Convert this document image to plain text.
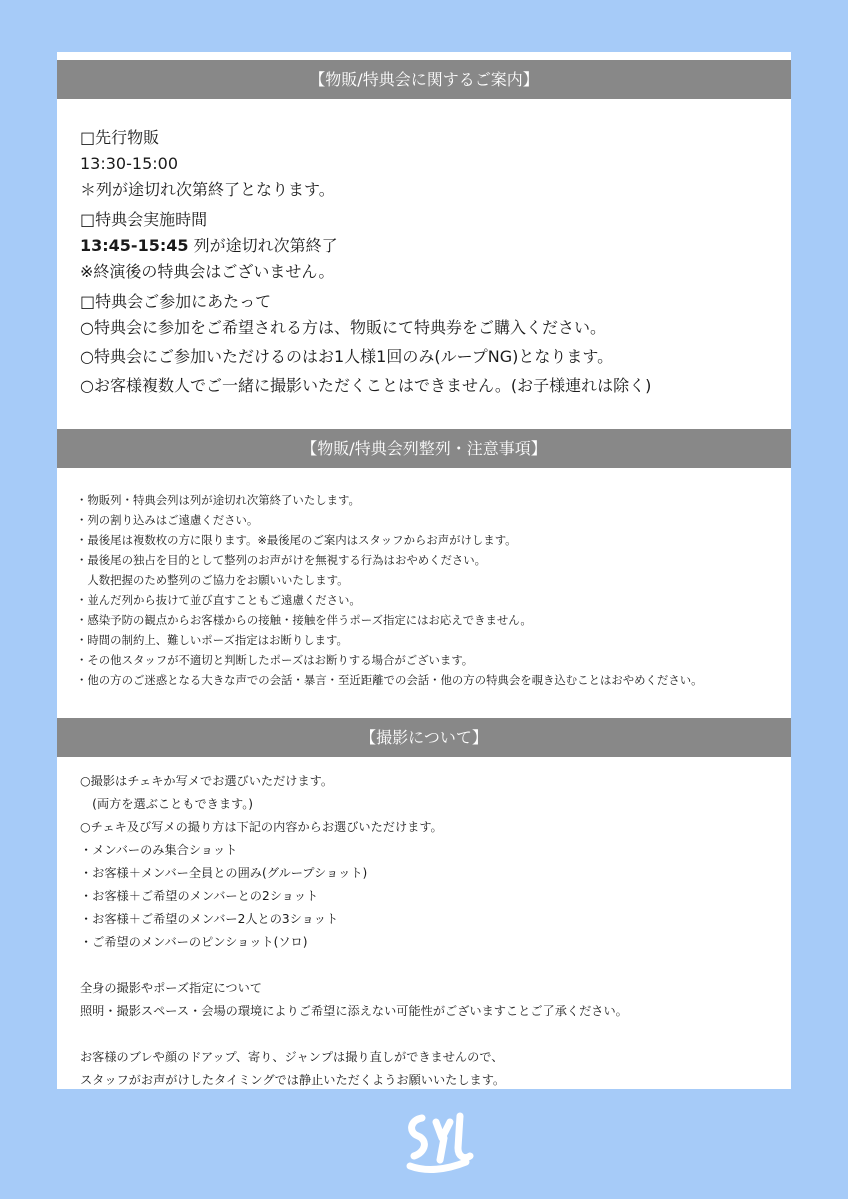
【物販/特典会に関するご案内】
□先行物販
13:30-15:00
＊列が途切れ次第終了となります。
□特典会実施時間
13:45-15:45 列が途切れ次第終了
※終演後の特典会はございません。
□特典会ご参加にあたって
○特典会に参加をご希望される方は、物販にて特典券をご購入ください。
○特典会にご参加いただけるのはお1人様1回のみ(ループNG)となります。
○お客様複数人でご一緒に撮影いただくことはできません。(お子様連れは除く)
【物販/特典会列整列・注意事項】
・物販列・特典会列は列が途切れ次第終了いたします。
・列の割り込みはご遠慮ください。
・最後尾は複数枚の方に限ります。※最後尾のご案内はスタッフからお声がけします。
・最後尾の独占を目的として整列のお声がけを無視する行為はおやめください。
　人数把握のため整列のご協力をお願いいたします。
・並んだ列から抜けて並び直すこともご遠慮ください。
・感染予防の観点からお客様からの接触・接触を伴うポーズ指定にはお応えできません。
・時間の制約上、難しいポーズ指定はお断りします。
・その他スタッフが不適切と判断したポーズはお断りする場合がございます。
・他の方のご迷惑となる大きな声での会話・暴言・至近距離での会話・他の方の特典会を覗き込むことはおやめください。
【撮影について】
○撮影はチェキか写メでお選びいただけます。
　(両方を選ぶこともできます。)
○チェキ及び写メの撮り方は下記の内容からお選びいただけます。
・メンバーのみ集合ショット
・お客様＋メンバー全員との囲み(グループショット)
・お客様＋ご希望のメンバーとの2ショット
・お客様＋ご希望のメンバー2人との3ショット
・ご希望のメンバーのピンショット(ソロ)

全身の撮影やポーズ指定について
照明・撮影スペース・会場の環境によりご希望に添えない可能性がございますことご了承ください。

お客様のブレや顔のドアップ、寄り、ジャンプは撮り直しができませんので、
スタッフがお声がけしたタイミングでは静止いただくようお願いいたします。
